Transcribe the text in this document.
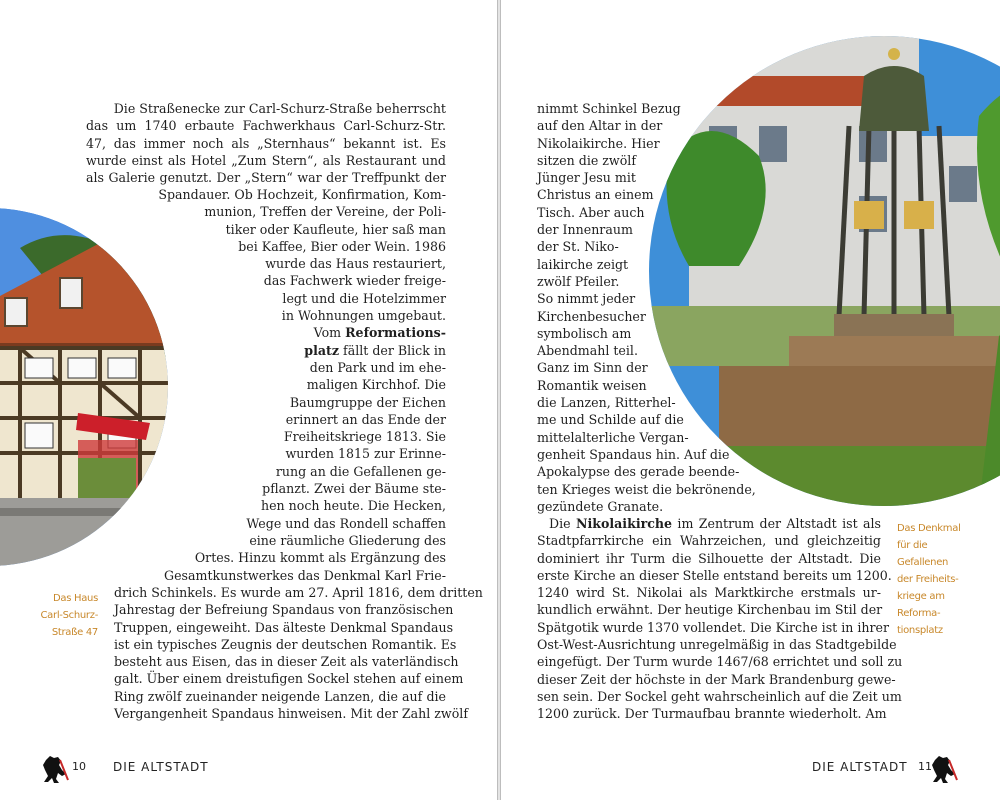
Die Straßenecke zur Carl-Schurz-Straße beherrscht
das um 1740 erbaute Fachwerkhaus Carl-Schurz-Str.
47, das immer noch als „Sternhaus“ bekannt ist. Es
wurde einst als Hotel „Zum Stern“, als Restaurant und
als Galerie genutzt. Der „Stern“ war der Treffpunkt der
Spandauer. Ob Hochzeit, Konfirmation, Kom-
munion, Treffen der Vereine, der Poli-
tiker oder Kaufleute, hier saß man
bei Kaffee, Bier oder Wein. 1986
wurde das Haus restauriert,
das Fachwerk wieder freige-
legt und die Hotelzimmer
in Wohnungen umgebaut.
Vom Reformations-
platz fällt der Blick in
den Park und im ehe-
maligen Kirchhof. Die
Baumgruppe der Eichen
erinnert an das Ende der
Freiheitskriege 1813. Sie
wurden 1815 zur Erinne-
rung an die Gefallenen ge-
pflanzt. Zwei der Bäume ste-
hen noch heute. Die Hecken,
Wege und das Rondell schaffen
eine räumliche Gliederung des
Ortes. Hinzu kommt als Ergänzung des
Gesamtkunstwerkes das Denkmal Karl Frie-
drich Schinkels. Es wurde am 27. April 1816, dem dritten
Jahrestag der Befreiung Spandaus von französischen
Truppen, eingeweiht. Das älteste Denkmal Spandaus
ist ein typisches Zeugnis der deutschen Romantik. Es
besteht aus Eisen, das in dieser Zeit als vaterländisch
galt. Über einem dreistufigen Sockel stehen auf einem
Ring zwölf zueinander neigende Lanzen, die auf die
Vergangenheit Spandaus hinweisen. Mit der Zahl zwölf
Das Haus
Carl-Schurz-
Straße 47
10 DIE ALTSTADT
nimmt Schinkel Bezug
auf den Altar in der
Nikolaikirche. Hier
sitzen die zwölf
Jünger Jesu mit
Christus an einem
Tisch. Aber auch
der Innenraum
der St. Niko-
laikirche zeigt
zwölf Pfeiler.
So nimmt jeder
Kirchenbesucher
symbolisch am
Abendmahl teil.
Ganz im Sinn der
Romantik weisen
die Lanzen, Ritterhel-
me und Schilde auf die
mittelalterliche Vergan-
genheit Spandaus hin. Auf die
Apokalypse des gerade beende-
ten Krieges weist die bekrönende,
gezündete Granate.
Die Nikolaikirche im Zentrum der Altstadt ist als
Stadtpfarrkirche ein Wahrzeichen, und gleichzeitig
dominiert ihr Turm die Silhouette der Altstadt. Die
erste Kirche an dieser Stelle entstand bereits um 1200.
1240 wird St. Nikolai als Marktkirche erstmals ur-
kundlich erwähnt. Der heutige Kirchenbau im Stil der
Spätgotik wurde 1370 vollendet. Die Kirche ist in ihrer
Ost-West-Ausrichtung unregelmäßig in das Stadtgebilde
eingefügt. Der Turm wurde 1467/68 errichtet und soll zu
dieser Zeit der höchste in der Mark Brandenburg gewe-
sen sein. Der Sockel geht wahrscheinlich auf die Zeit um
1200 zurück. Der Turmaufbau brannte wiederholt. Am
Das Denkmal
für die
Gefallenen
der Freiheits-
kriege am
Reforma-
tionsplatz
DIE ALTSTADT 11
